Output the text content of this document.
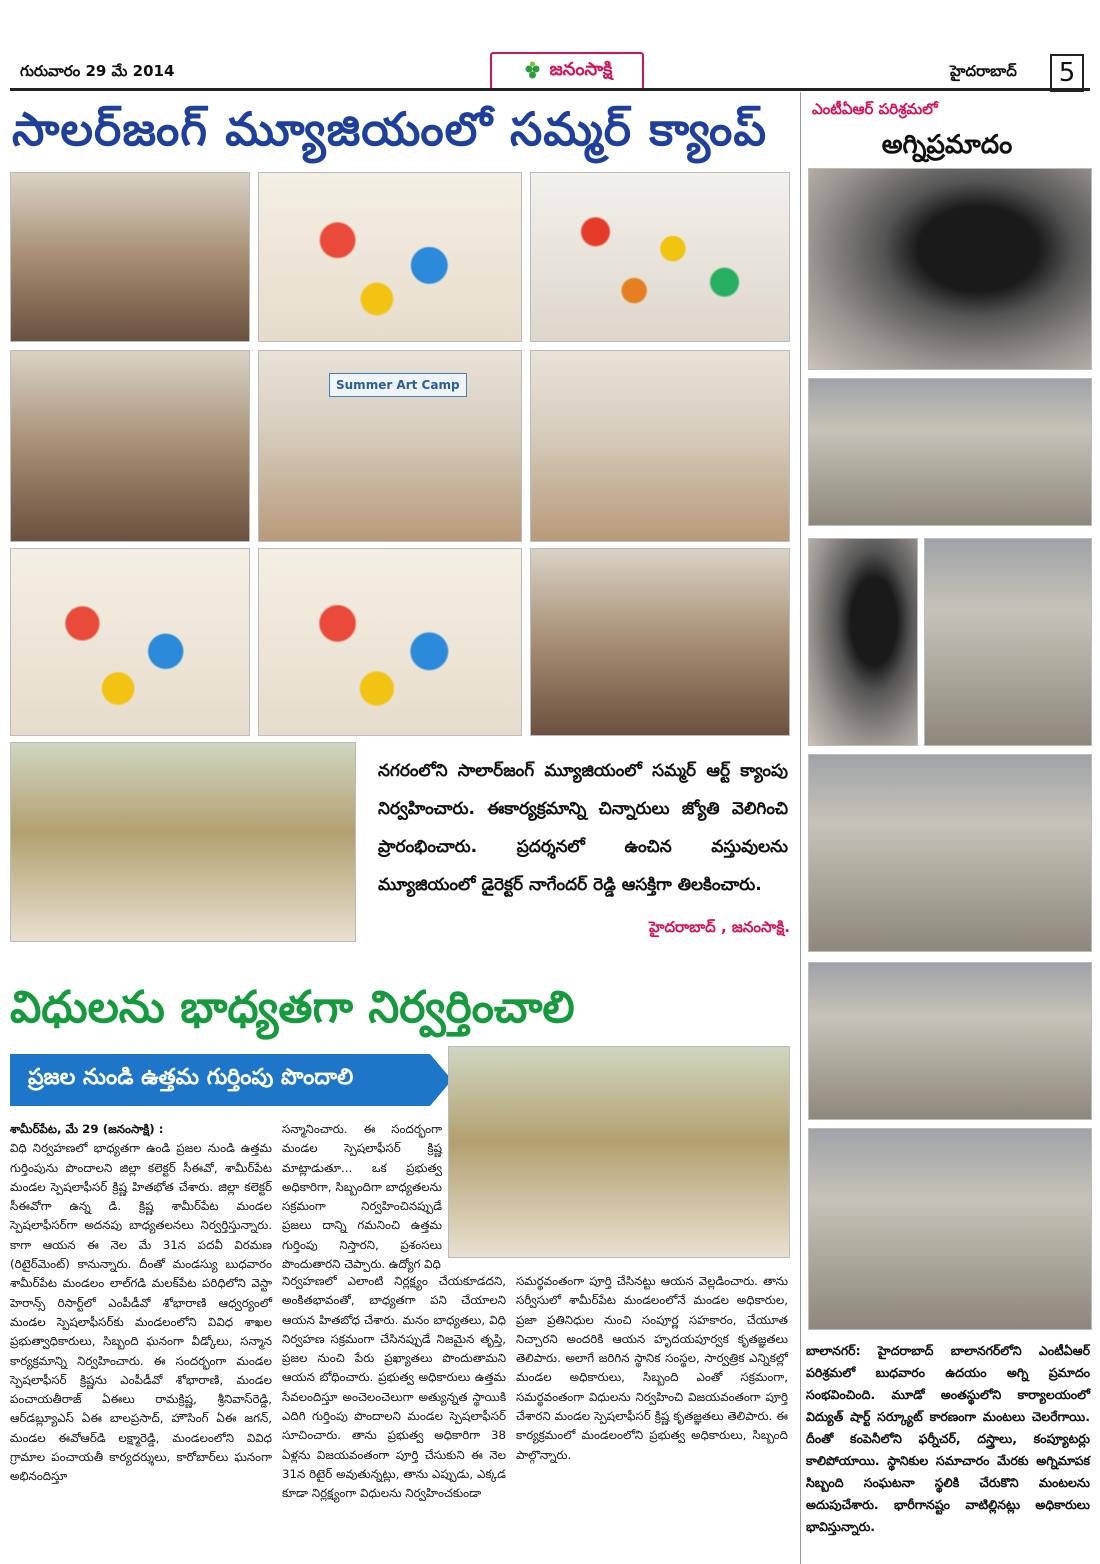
గురువారం 29 మే 2014	జనంసాక్షి	హైదరాబాద్	5
సాలర్‌జంగ్ మ్యూజియంలో సమ్మర్ క్యాంప్
Summer Art Camp
నగరంలోని సాలార్‌జంగ్ మ్యూజియంలో సమ్మర్ ఆర్ట్ క్యాంపు నిర్వహించారు. ఈకార్యక్రమాన్ని చిన్నారులు జ్యోతి వెలిగించి ప్రారంభించారు. ప్రదర్శనలో ఉంచిన వస్తువులను మ్యూజియంలో డైరెక్టర్ నాగేందర్ రెడ్డి ఆసక్తిగా తిలకించారు.
హైదరాబాద్ , జనంసాక్షి.
ఎంటీఏఆర్ పరిశ్రమలో
అగ్నిప్రమాదం
బాలానగర్: హైదరాబాద్ బాలానగర్‌లోని ఎంటీఏఆర్ పరిశ్రమలో బుధవారం ఉదయం అగ్ని ప్రమాదం సంభవించింది. మూడో అంతస్థులోని కార్యాలయంలో విద్యుత్ షార్ట్ సర్క్యూట్ కారణంగా మంటలు చెలరేగాయి. దీంతో కంపెనీలోని ఫర్నీచర్, దస్త్రాలు, కంప్యూటర్లు కాలిపోయాయి. స్థానికుల సమాచారం మేరకు అగ్నిమాపక సిబ్బంది సంఘటనా స్థలికి చేరుకొని మంటలను అదుపుచేశారు. భారీగానష్టం వాటిల్లినట్లు అధికారులు భావిస్తున్నారు.
విధులను భాధ్యతగా నిర్వర్తించాలి
ప్రజల నుండి ఉత్తమ గుర్తింపు పొందాలి

శామీర్‌పేట, మే 29 (జనంసాక్షి) :

విధి నిర్వహణలో భాధ్యతగా ఉండి ప్రజల నుండి ఉత్తమ గుర్తింపును పొందాలని జిల్లా కలెక్టర్ సీఈవో, శామీర్‌పేట మండల స్పెషలాఫీసర్ క్రిష్ణ హితభోత చేశారు. జిల్లా కలెక్టర్ సీఈవోగా ఉన్న డి. క్రిష్ణ శామీర్‌పేట మండల స్పెషలాఫీసర్‌గా అదనపు బాధ్యతలనలు నిర్వర్తిస్తున్నారు. కాగా ఆయన ఈ నెల మే 31న పదవీ విరమణ (రిటైర్‌మెంట్) కానున్నారు. దీంతో మండస్యు బుధవారం శామీర్‌పేట మండలం లాల్‌గడి మలక్‌పేట పరిధిలోని వెస్టా హెరాన్స్ రిసార్ట్‌లో ఎంపీడీవో శోభారాణి ఆధ్వర్యంలో మండల స్పెషలాఫీసర్‌కు మండలంలోని వివిధ శాఖల ప్రభుత్వాధికారులు, సిబ్బంది ఘనంగా వీడ్కోలు, సన్మాన కార్యక్రమాన్ని నిర్వహించారు. ఈ సందర్భంగా మండల స్పెషలాఫీసర్ క్రిష్ణను ఎంపీడీవో శోభారాణి, మండల పంచాయతీరాజ్ ఏఈలు రామక్రిష్ణ, శ్రీనివాస్‌రెడ్డి, ఆర్‌డబ్ల్యూఎస్ ఏఈ బాలప్రసాద్, హౌసింగ్ ఏఈ జగన్, మండల ఈవోఆర్‌డి లక్ష్మారెడ్డి, మండలంలోని వివిధ గ్రామాల పంచాయతీ కార్యదర్శులు, కారోబార్‌లు ఘనంగా అభినందిస్తూ

సన్మానించారు. ఈ సందర్భంగా మండల స్పెషలాఫీసర్ క్రిష్ణ మాట్లాడుతూ... ఒక ప్రభుత్వ అధికారిగా, సిబ్బందిగా బాధ్యతలను సక్రమంగా నిర్వహించినప్పుడే ప్రజలు దాన్ని గమనించి ఉత్తమ గుర్తింపు నిస్తారని, ప్రశంసలు పొందుతారని చెప్పారు. ఉద్యోగ విధి

నిర్వహణలో ఎలాంటి నిర్లక్ష్యం చేయకూడదని, అంకితభావంతో, బాధ్యతగా పని చేయాలని ఆయన హితబోధ చేశారు. మనం బాధ్యతలు, విధి నిర్వహణ సక్రమంగా చేసినప్పుడే నిజమైన తృప్తి, ప్రజల నుంచి పేరు ప్రఖ్యాతలు పొందుతామని ఆయన బోధించారు. ప్రభుత్వ అధికారులు ఉత్తమ సేవలందిస్తూ అంచెలంచెలుగా అత్యున్నత స్థాయికి ఎదిగి గుర్తింపు పొందాలని మండల స్పెషలాఫీసర్ సూచించారు. తాను ప్రభుత్వ అధికారిగా 38 ఏళ్లను విజయవంతంగా పూర్తి చేసుకుని ఈ నెల 31న రిటైర్ అవుతున్నట్లు, తాను ఎప్పుడు, ఎక్కడ కూడా నిర్లక్ష్యంగా విధులను నిర్వహించకుండా

సమర్థవంతంగా పూర్తి చేసినట్టు ఆయన వెల్లడించారు. తాను సర్వీసులో శామీర్‌పేట మండలంలోనే మండల అధికారుల, ప్రజా ప్రతినిధుల నుంచి సంపూర్ణ సహకారం, చేయూత నిచ్చారని అందరికి ఆయన హృదయపూర్వక కృతజ్ఞతలు తెలిపారు. అలాగే జరిగిన స్థానిక సంస్థల, సార్వత్రిక ఎన్నికల్లో మండల అధికారులు, సిబ్బంది ఎంతో సక్రమంగా, సమర్థవంతంగా విధులను నిర్వహించి విజయవంతంగా పూర్తి చేశారని మండల స్పెషలాఫీసర్ క్రిష్ణ కృతజ్ఞతలు తెలిపారు. ఈ కార్యక్రమంలో మండలంలోని ప్రభుత్వ అధికారులు, సిబ్బంది పాల్గొన్నారు.
